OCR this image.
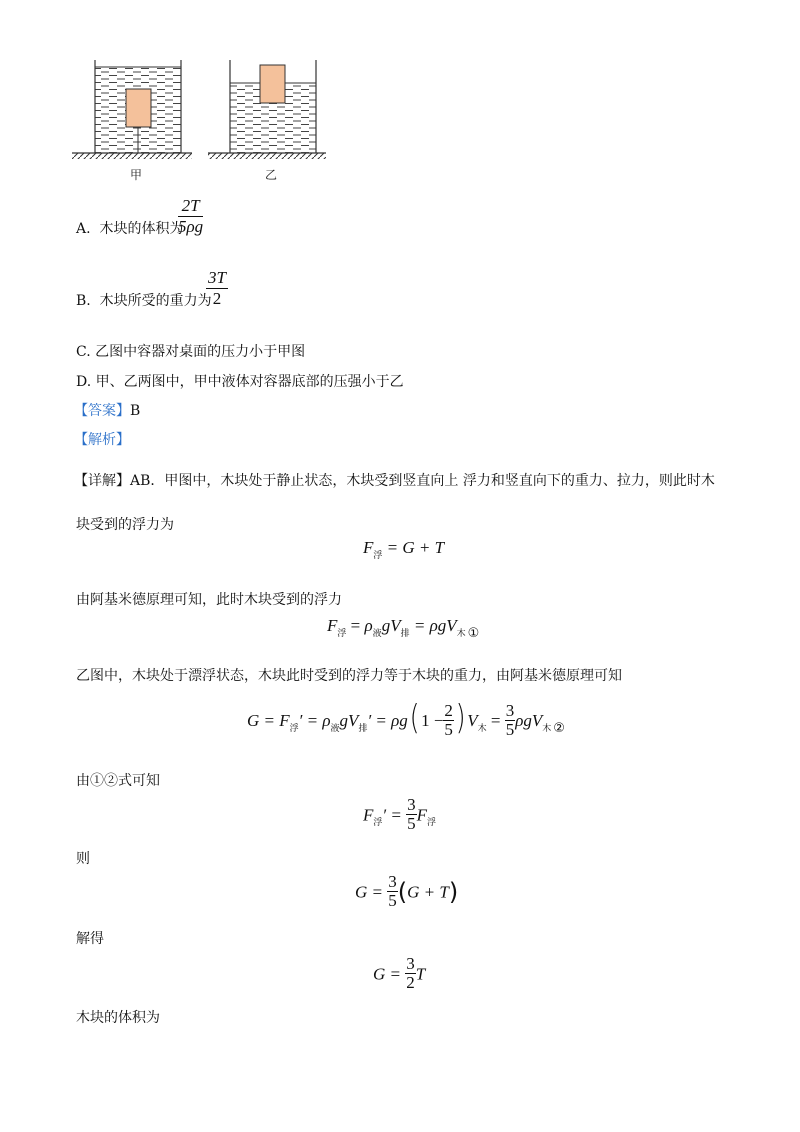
甲	乙
A. 木块的体积为
$\frac{2T}{5\rho g}$
B. 木块所受的重力为
$\frac{3T}{2}$
C. 乙图中容器对桌面的压力小于甲图
D. 甲、乙两图中，甲中液体对容器底部的压强小于乙
【答案】B
【解析】
【详解】AB．甲图中，木块处于静止状态，木块受到竖直向上 浮力和竖直向下的重力、拉力，则此时木
块受到的浮力为
$F_浮 = G + T$
由阿基米德原理可知，此时木块受到的浮力
$F_浮 = \rho_液gV_排 = \rho gV_木$ $_①$
乙图中，木块处于漂浮状态，木块此时受到的浮力等于木块的重力，由阿基米德原理可知
$G = F_浮' = \rho_液gV_排' = \rho g(1 - \frac{2}{5} )V_木 = \frac{3}{5} \rho gV_木$ $_②$
由①②式可知
$F_浮' = \frac{3}{5} F_浮$
则
$G = \frac{3}{5} (G + T)$
解得
$G = \frac{3}{2}$ T
木块的体积为
